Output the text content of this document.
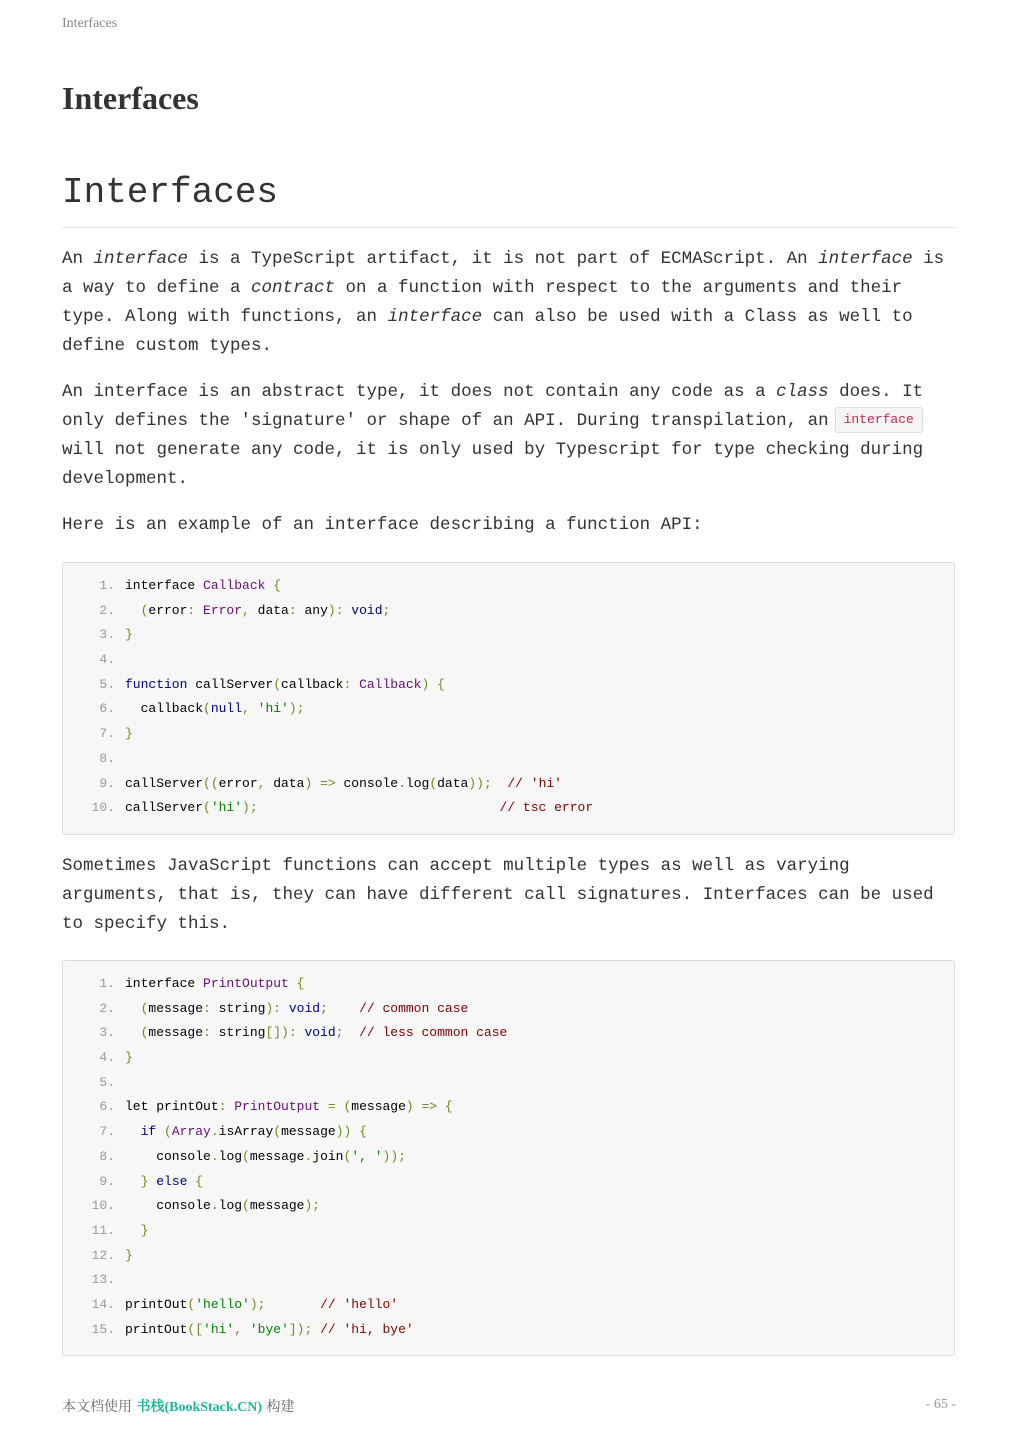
Interfaces
Interfaces
Interfaces

An interface is a TypeScript artifact, it is not part of ECMAScript. An interface is a way to define a contract on a function with respect to the arguments and their type. Along with functions, an interface can also be used with a Class as well to define custom types.

An interface is an abstract type, it does not contain any code as a class does. It only defines the 'signature' or shape of an API. During transpilation, an interface will not generate any code, it is only used by Typescript for type checking during development.

Here is an example of an interface describing a function API:

1. interface Callback {
2.  (error: Error, data: any): void;
3. }
4.
5. function callServer(callback: Callback) {
6.  callback(null, 'hi');
7. }
8.
9. callServer((error, data) => console.log(data));  // 'hi'
10. callServer('hi');                               // tsc error

Sometimes JavaScript functions can accept multiple types as well as varying arguments, that is, they can have different call signatures. Interfaces can be used to specify this.

1. interface PrintOutput {
2.  (message: string): void;    // common case
3.  (message: string[]): void;  // less common case
4. }
5.
6. let printOut: PrintOutput = (message) => {
7. if (Array.isArray(message)) {
8.    console.log(message.join(', '));
9.  } else {
10.    console.log(message);
11.  }
12. }
13.
14. printOut('hello');       // 'hello'
15. printOut(['hi', 'bye']); // 'hi, bye'
本文档使用 书栈(BookStack.CN) 构建	- 65 -
